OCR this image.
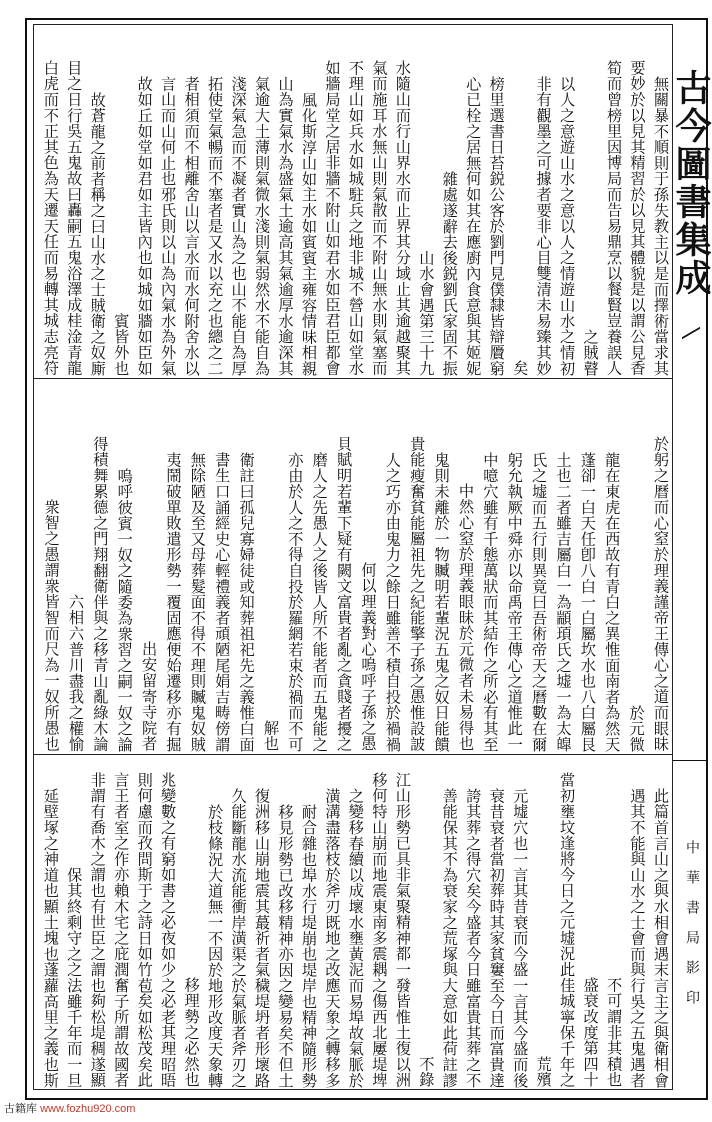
古今圖書集成
中華書局影印
無關暴不順則于孫失教主以是而擇術當求其
要妙於以見其精習於以見其體貌是以謂公見香
筍而曾榜里因博局而告易鼎烹以餐賢豈養誤人
之賊瞽
以人之意遊山水之意以人之情遊山水之情初
非有觀墨之可據者要非心目雙清未易臻其妙
矣
榜里選書日苔鋭公客於劉門見僕隸皆辯贗窮
心已栓之居無何如其在應廚內食意與其姬妮
雜處遂辭去後鋭劉氏家固不振
山水會遇第三十九
水隨山而行山界水而止界其分域止其逾越聚其
氣而施耳水無山則氣散而不附山無水則氣塞而
不理山如兵水如城駐兵之地非城不營山如堂水
如牆局堂之居非牆不附山如君水如臣君臣都會
風化斯淳山如主水如賓賓主雍容情味相親
山為實氣水為盛氣土逾高其氣逾厚水逾深其
氣逾大土薄則氣微水淺則氣弱然水不能自為
淺深氣急而不凝者實山為之也山不能自為厚
拓使堂氣暢而不塞者是又水以充之也總之二
者相須而不相離舍山以言水而水何附舍水以
言山而山何止也邪氏則以山為內氣水為外氣
故如丘如堂如君如主皆內也如城如牆如臣如
賓皆外也
故蒼龍之前者稱之曰山水之士賊衛之奴廝
目之日行吳五鬼故曰轟嗣五鬼浴澤成桂淦青龍
白虎而不正其色為天遷天任而易轉其城志亮符
於躬之曆而心窒於理義謹帝王傳心之道而眼昧
於元微
龍在東虎在西故有青白之異惟面南者為然天
蓬卻一白天任卽八白一白屬坎水也八白屬艮
土也二者雖吉屬白一為顓頊氏之墟一為太皡
氏之墟而五行則異竟曰吾術帝天之曆數在爾
躬允執厥中舜亦以命禹帝王傳心之道惟此一
中噫穴雖有千態萬狀而其結作之所必有其至
中然心窒於理義眼昧於元微者未易得也
鬼則未離於一物贓明若輩況五鬼之奴日能饋
貴能瘦奮貧能屬祖先之紀能擎子孫之愚惟設詖
人之巧亦由鬼力之餘日雖善不積自投於禍禍
何以理義對心嗚呼子孫之愚
貝賦明若輩下疑有闕文富貴者亂之貪賤者擾之
磨人之先愚人之後皆人所不能者而五鬼能之
亦由於人之不得自投於羅網若束於禍而不可
解也
衛註曰孤兒寡婦徒或知葬祖祀先之義惟白面
書生口誦經史心輕禮義者頑陋尾娟吉畴傍謂
無除陋及至又母葬髮面不得不理則贓鬼奴賊
夷鬧破單敗遣形勢一覆固應便始遷移亦有掘
出安留寄寺院者
嗚呼彼賓一奴之隨委為衆習之嗣一奴之論
得積舞累德之門翔翻衛伴與之移青山亂綠木論
六相六普川盡我之權愉
衆智之愚謂衆皆智而尺為一奴所愚也
此篇首言山之與水相會遇末言主之與衛相會
遇其不能與山水之士會而與行吳之五鬼遇者
不可謂非其積也
盛衰改度第四十
當初壅坟逢將今日之元墟況此佳城寧保千年之
荒殯
元墟穴也一言其昔衰而今盛一言其今盛而後
衰昔衰者當初葬時其家貧窶至今日而富貴達
誇其葬之得穴矣今盛者今日雖富貴其葬之不
善能保其不為衰家之荒塚與大意如此荷註謬
不錄
江山形勢已具非氣聚精神都一發皆惟土復以洲
移何特山崩而地震東南多震耦之傷西北屢堤埤
之變移春續以成壞水壅黃泥而易埠故氣脈於
潢溝盡落枝於斧刃既地之改應天象之轉移多
耐合雜也埠水行堤崩也堤岸也精神隨形勢
移見形勢已改移精神亦因之變易矣不但土
復洲移山崩地震其蕞祈者氣穢堤坍者形壞路
久能斷龍水流能衝岸潢渠之於氣脈者斧刃之
於枝條況大道無一不因於地形改度天象轉
移理勢之必然也
兆變數之有窮如書之必夜如少之必老其理昭晤
則何慮而孜問斯于之詩日如竹苞矣如松茂矣此
言王者室之作亦賴木宅之庇潤奮子所謂故國者
非謂有喬木之謂也有世臣之謂也夠松堤稠遂顯
保其終剩守之之法雖千年而一旦
延壁塚之神道也顯土塊也蓬蘿高里之義也斯
古籍库 www.fozhu920.com
